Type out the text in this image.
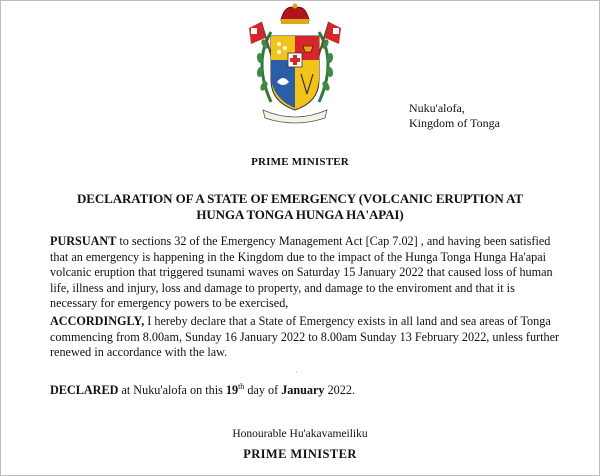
Nuku'alofa,
Kingdom of Tonga
PRIME MINISTER
DECLARATION OF A STATE OF EMERGENCY (VOLCANIC ERUPTION AT
HUNGA TONGA HUNGA HA'APAI)
PURSUANT to sections 32 of the Emergency Management Act [Cap 7.02] , and having been satisfied that an emergency is happening in the Kingdom due to the impact of the Hunga Tonga Hunga Ha'apai volcanic eruption that triggered tsunami waves on Saturday 15 January 2022 that caused loss of human life, illness and injury, loss and damage to property, and damage to the enviroment and that it is necessary for emergency powers to be exercised,
ACCORDINGLY, I hereby declare that a State of Emergency exists in all land and sea areas of Tonga commencing from 8.00am, Sunday 16 January 2022 to 8.00am Sunday 13 February 2022, unless further renewed in accordance with the law.
·
DECLARED at Nuku'alofa on this 19th day of January 2022.
Honourable Hu'akavameiliku
PRIME MINISTER
